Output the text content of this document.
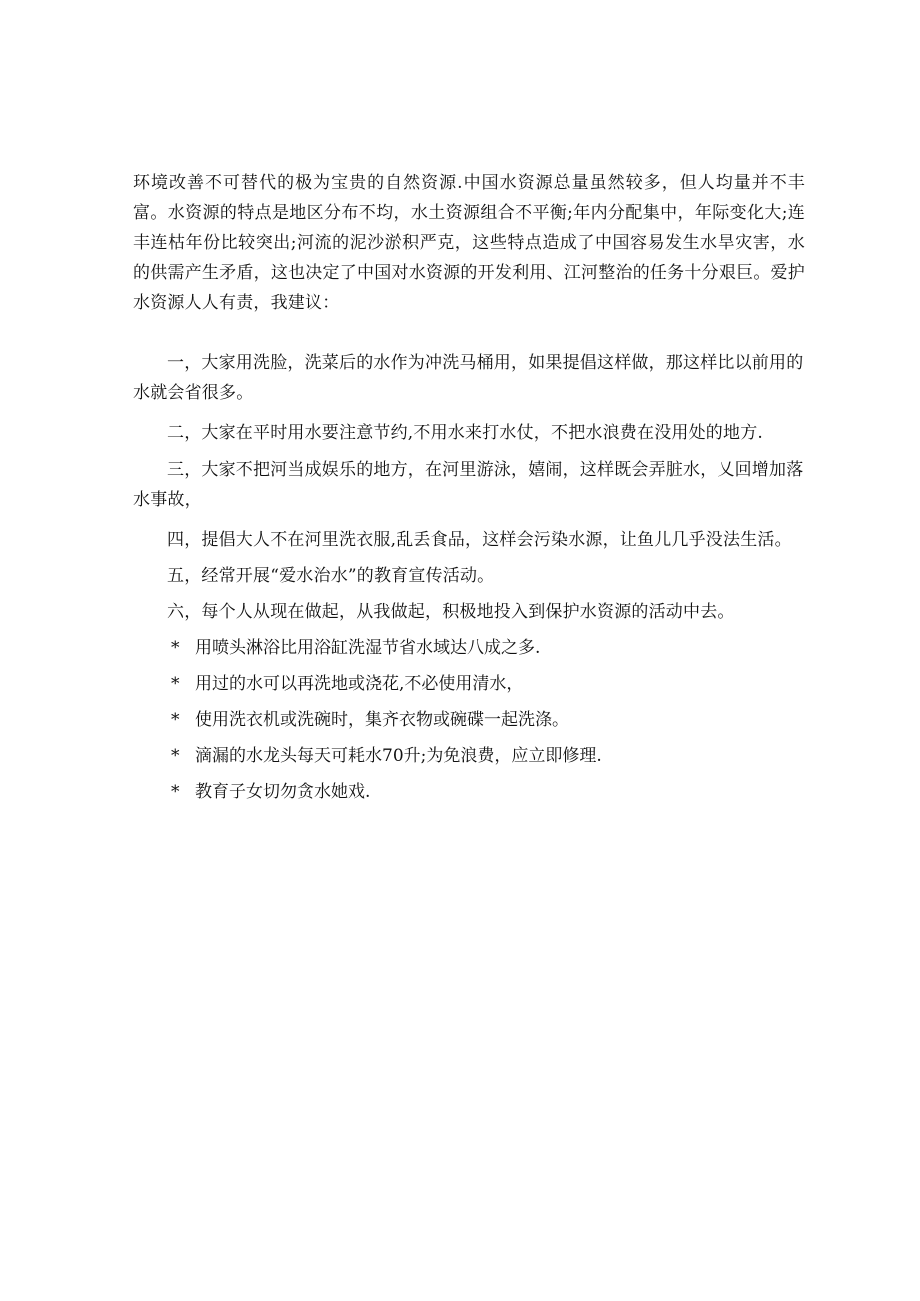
环境改善不可替代的极为宝贵的自然资源.中国水资源总量虽然较多，但人均量并不丰富。水资源的特点是地区分布不均，水土资源组合不平衡;年内分配集中，年际变化大;连丰连枯年份比较突出;河流的泥沙淤积严克，这些特点造成了中国容易发生水旱灾害，水的供需产生矛盾，这也决定了中国对水资源的开发利用、江河整治的任务十分艰巨。爱护水资源人人有责，我建议：

一，大家用洗脸，洗菜后的水作为冲洗马桶用，如果提倡这样做，那这样比以前用的水就会省很多。

二，大家在平时用水要注意节约,不用水来打水仗，不把水浪费在没用处的地方.

三，大家不把河当成娱乐的地方，在河里游泳，嬉闹，这样既会弄脏水，乂回增加落水事故，

四，提倡大人不在河里洗衣服,乱丢食品，这样会污染水源，让鱼儿几乎没法生活。

五，经常开展“爱水治水”的教育宣传活动。

六，每个人从现在做起，从我做起，积极地投入到保护水资源的活动中去。

* 用喷头淋浴比用浴缸洗湿节省水域达八成之多.
* 用过的水可以再洗地或浇花,不必使用清水，
* 使用洗衣机或洗碗时，集齐衣物或碗碟一起洗涤。
* 滴漏的水龙头每天可耗水70升;为免浪费，应立即修理.
* 教育子女切勿贪水她戏.
